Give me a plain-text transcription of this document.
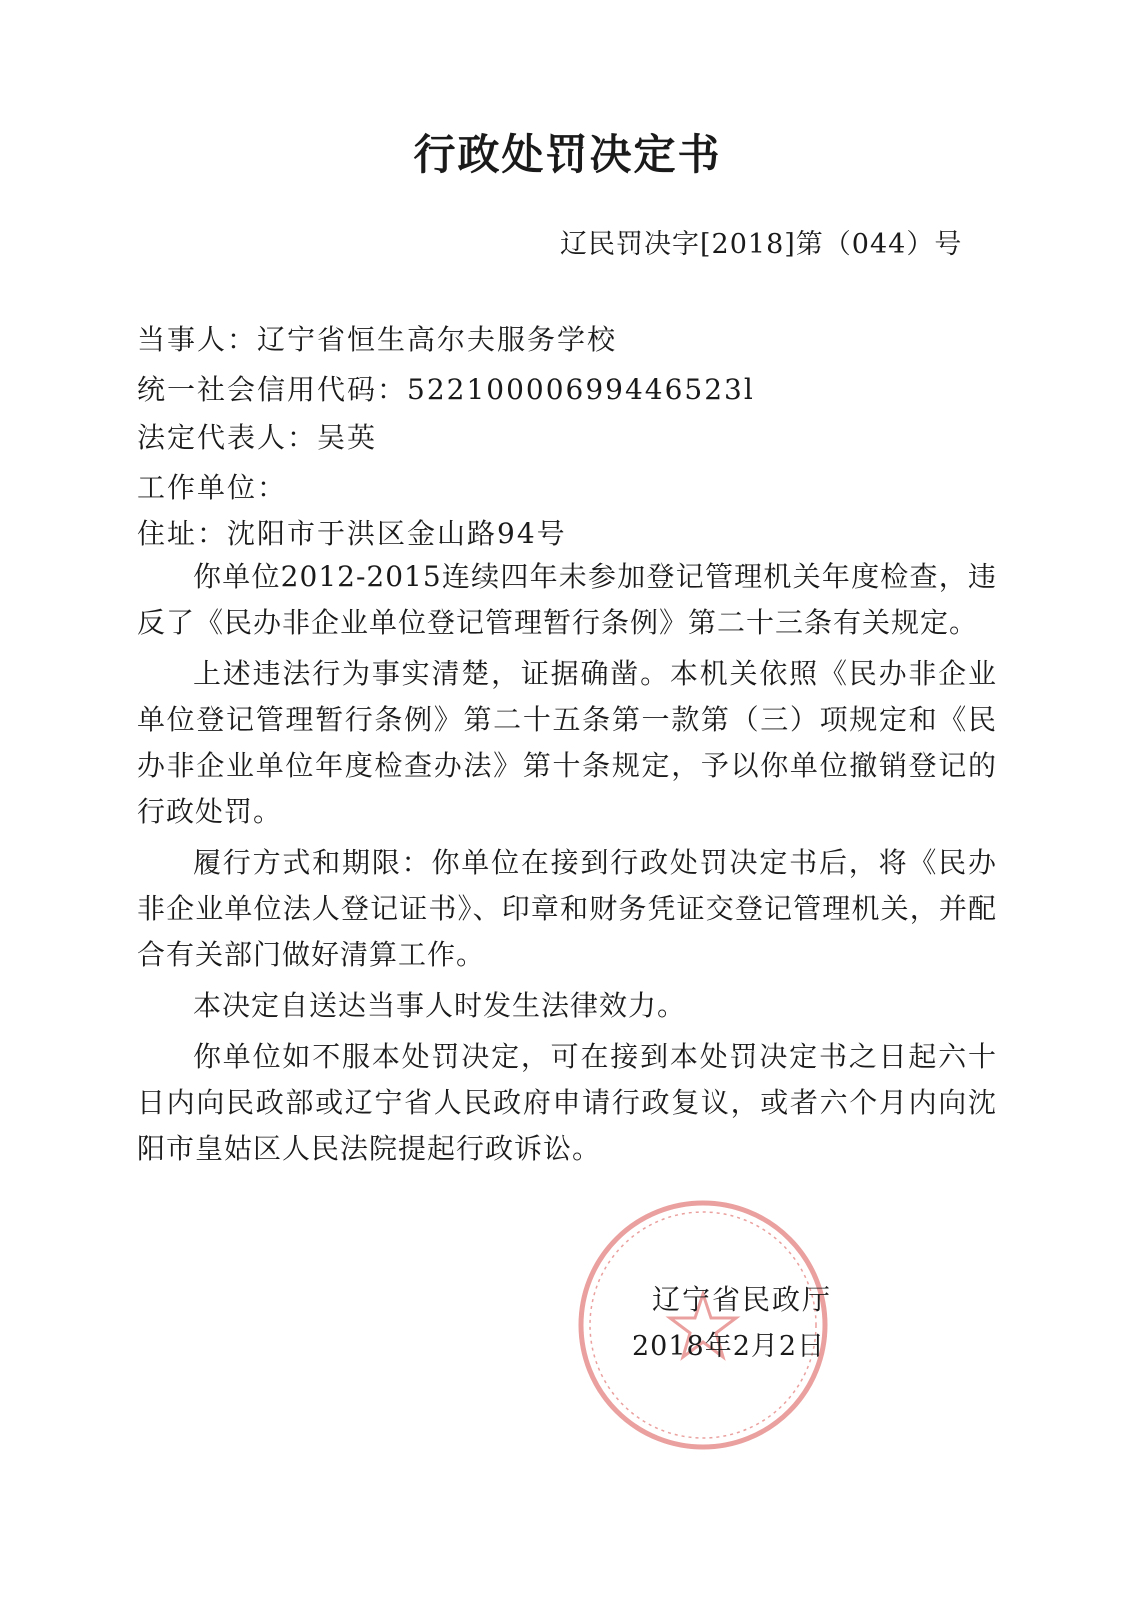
行政处罚决定书
辽民罚决字[2018]第（044）号
当事人：辽宁省恒生高尔夫服务学校
统一社会信用代码：52210000699446523l
法定代表人：吴英
工作单位：
住址：沈阳市于洪区金山路94号

你单位2012-2015连续四年未参加登记管理机关年度检查，违反了《民办非企业单位登记管理暂行条例》第二十三条有关规定。

上述违法行为事实清楚，证据确凿。本机关依照《民办非企业单位登记管理暂行条例》第二十五条第一款第（三）项规定和《民办非企业单位年度检查办法》第十条规定，予以你单位撤销登记的行政处罚。

履行方式和期限：你单位在接到行政处罚决定书后，将《民办非企业单位法人登记证书》、印章和财务凭证交登记管理机关，并配合有关部门做好清算工作。

本决定自送达当事人时发生法律效力。

你单位如不服本处罚决定，可在接到本处罚决定书之日起六十日内向民政部或辽宁省人民政府申请行政复议，或者六个月内向沈阳市皇姑区人民法院提起行政诉讼。

辽宁省民政厅
2018年2月2日
